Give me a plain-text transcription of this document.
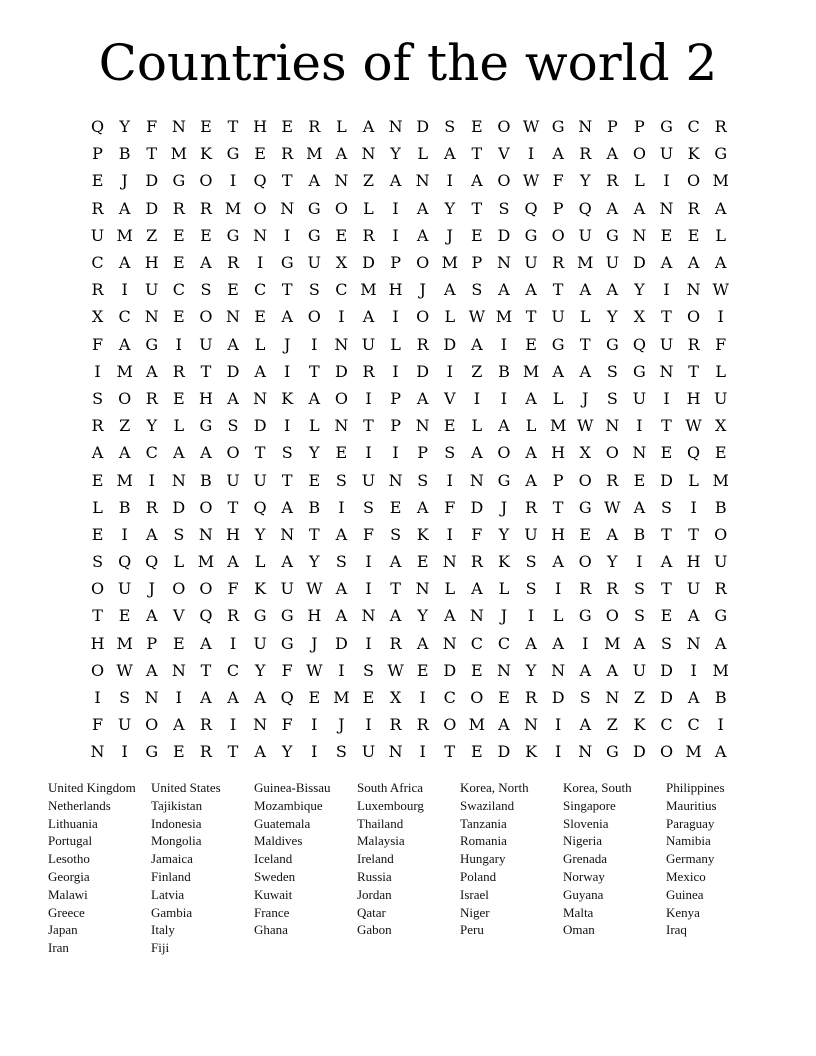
Countries of the world 2
Q Y	F N E T H E R L	A N D S E O W G N P	P G C R
P B T M K G E R M A N Y	L	A T V	I	A R A O U K G
E	J	D G O	I	Q T A N Z A N	I	A O W F	Y R L	I	O M
R A D R R M O N G O L	I	A	Y	T	S Q P Q A A N R A
U M Z E E G N	I	G E R	I	A	J	E D G O U G N E E L
C A H E A R	I	G U X D P O M P N U R M U D A A A
R	I	U C S E C T	S C M H	J	A S A A T A A	Y	I	N W
X C N E O N E A O	I	A	I	O L W M T U L	Y	X	T O	I
F A G	I	U A	L	J	I	N U L R D A	I	E G T G Q U R F
I M A R T D A	I	T D R	I	D	I	Z B M A A S G N T	L
S O R E H A N K A O	I	P A V	I	I	A	L	J	S U	I	H U
R Z	Y	L G S D	I	L N T	P N E L	A	L M W N	I	T W X
A A C A A O T	S	Y E	I	I	P	S A O A H X O N E Q E
E M I	N B U U T E S U N S	I	N G A P O R E D L M
L B R D O T Q A B	I	S E A F D	J	R T G W A S	I	B
E	I	A S N H Y N T A F	S K	I	F	Y U H E A B T	T O
S Q Q L M A	L	A	Y	S	I	A E N R K S A O Y	I	A H U
O U	J	O O F K U W A	I	T N L	A	L	S	I	R R S	T U R
T E A V Q R G G H A N A	Y	A N	J	I	L G O S E A G
H M P E A	I	U G	J	D	I	R A N C C A A	I M A S N A
O W A N T C Y	F W I	S W E D E N Y N A A U D	I M
I	S N	I	A A A Q E M E X	I	C O E R D S N Z D A B
F U O A R	I	N F	I	J	I	R R O M A N	I	A Z K C C	I
N	I	G E R T A	Y	I	S U N	I	T E D K	I	N G D O M A
United Kingdom
Netherlands
Lithuania
Portugal
Lesotho
Georgia
Malawi
Greece
Japan
Iran
United States
Tajikistan
Indonesia
Mongolia
Jamaica
Finland
Latvia
Gambia
Italy
Fiji
Guinea-Bissau
Mozambique
Guatemala
Maldives
Iceland
Sweden
Kuwait
France
Ghana
South Africa
Luxembourg
Thailand
Malaysia
Ireland
Russia
Jordan
Qatar
Gabon
Korea, North
Swaziland
Tanzania
Romania
Hungary
Poland
Israel
Niger
Peru
Korea, South
Singapore
Slovenia
Nigeria
Grenada
Norway
Guyana
Malta
Oman
Philippines
Mauritius
Paraguay
Namibia
Germany
Mexico
Guinea
Kenya
Iraq
